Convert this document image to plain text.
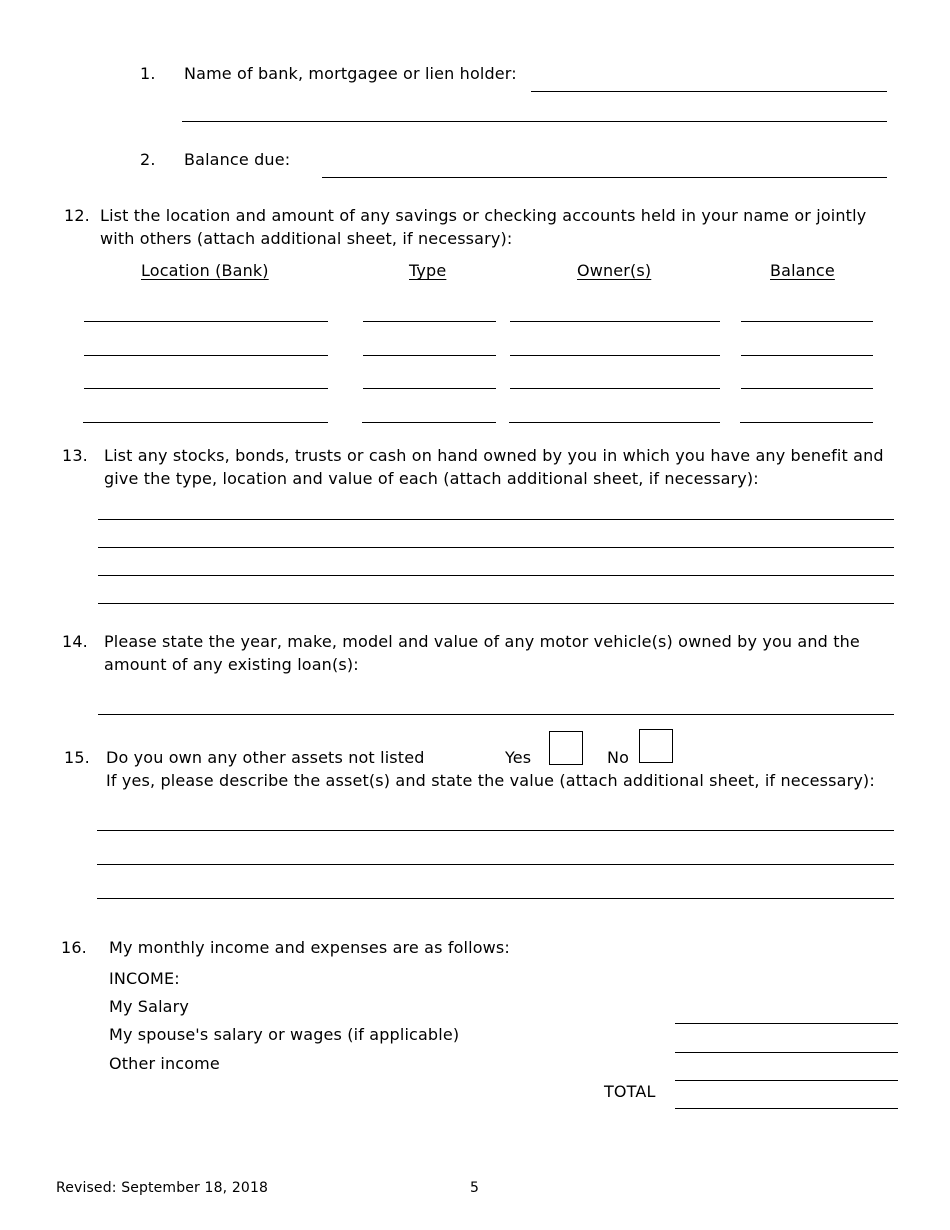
1. Name of bank, mortgagee or lien holder:
2. Balance due:
12. List the location and amount of any savings or checking accounts held in your name or jointly
with others (attach additional sheet, if necessary):
Location (Bank)	Type	Owner(s)	Balance
13. List any stocks, bonds, trusts or cash on hand owned by you in which you have any benefit and
give the type, location and value of each (attach additional sheet, if necessary):
14. Please state the year, make, model and value of any motor vehicle(s) owned by you and the
amount of any existing loan(s):
15. Do you own any other assets not listed	Yes	No
If yes, please describe the asset(s) and state the value (attach additional sheet, if necessary):
16. My monthly income and expenses are as follows:
INCOME:
My Salary
My spouse's salary or wages (if applicable)
Other income
TOTAL
Revised: September 18, 2018	5
